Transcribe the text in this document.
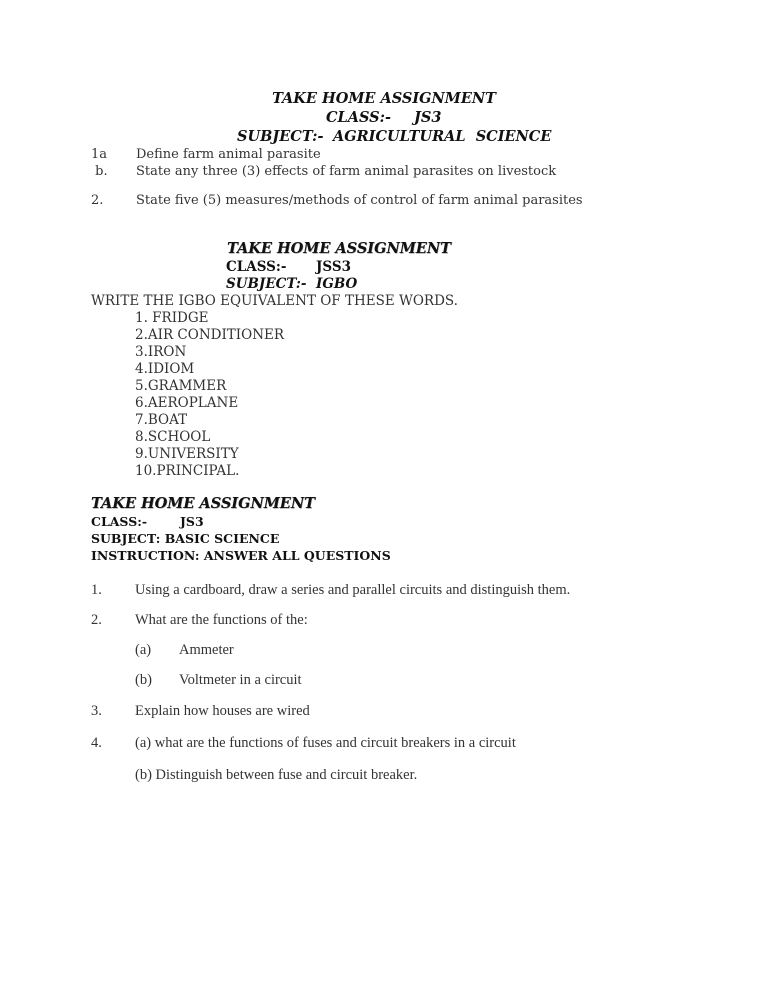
TAKE HOME ASSIGNMENT
CLASS:- JS3
SUBJECT:- AGRICULTURAL  SCIENCE
1a Define farm animal parasite
b. State any three (3) effects of farm animal parasites on livestock
2.	State five (5) measures/methods of control of farm animal parasites
TAKE HOME ASSIGNMENT
CLASS:- JSS3
SUBJECT:- IGBO
WRITE THE IGBO EQUIVALENT OF THESE WORDS.
1. FRIDGE
2.AIR CONDITIONER
3.IRON
4.IDIOM
5.GRAMMER
6.AEROPLANE
7.BOAT
8.SCHOOL
9.UNIVERSITY
10.PRINCIPAL.
TAKE HOME ASSIGNMENT
CLASS:-	JS3
SUBJECT: BASIC SCIENCE
INSTRUCTION: ANSWER ALL QUESTIONS
1. Using a cardboard, draw a series and parallel circuits and distinguish them.
2. What are the functions of the:
(a) Ammeter
(b) Voltmeter in a circuit
3. Explain how houses are wired
4. (a) what are the functions of fuses and circuit breakers in a circuit
(b) Distinguish between fuse and circuit breaker.
